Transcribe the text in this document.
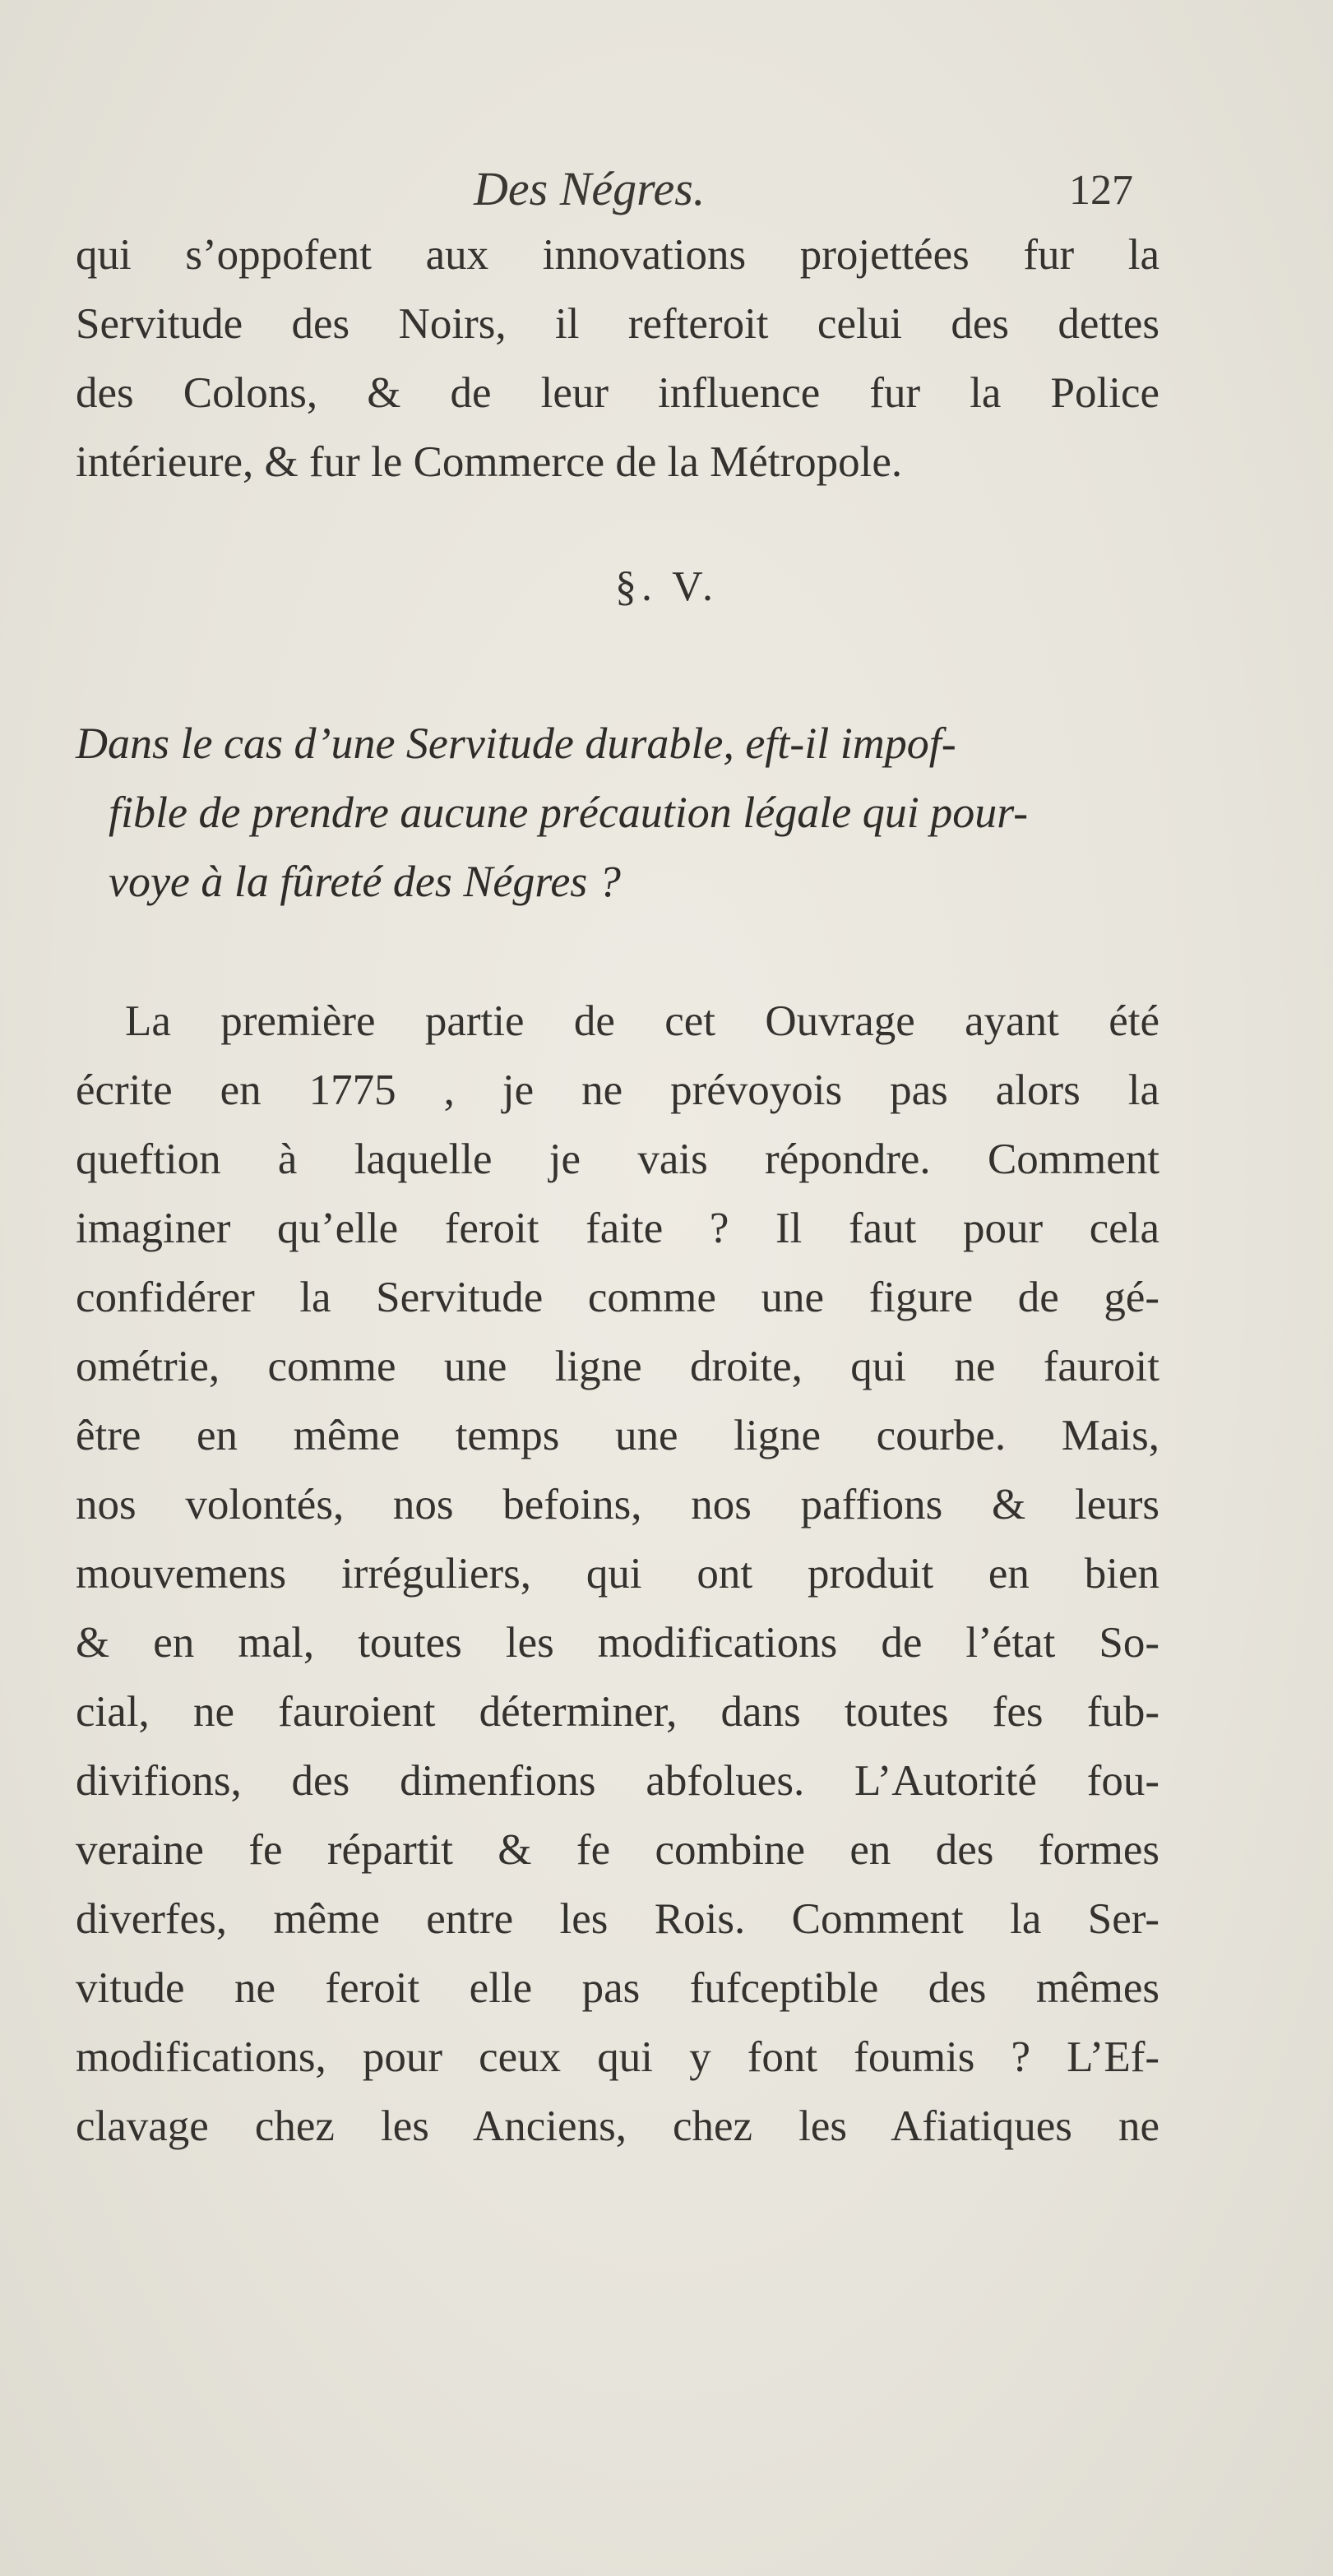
Des Négres.	127
qui s’oppofent aux innovations projettées fur la
Servitude des Noirs, il refteroit celui des dettes
des Colons, & de leur influence fur la Police
intérieure, & fur le Commerce de la Métropole.
§. V.
Dans le cas d’une Servitude durable, eft-il impof-
fible de prendre aucune précaution légale qui pour-
voye à la fûreté des Négres ?
La première partie de cet Ouvrage ayant été
écrite en 1775 , je ne prévoyois pas alors la
queftion à laquelle je vais répondre. Comment
imaginer qu’elle feroit faite ? Il faut pour cela
confidérer la Servitude comme une figure de gé-
ométrie, comme une ligne droite, qui ne fauroit
être en même temps une ligne courbe. Mais,
nos volontés, nos befoins, nos paffions & leurs
mouvemens irréguliers, qui ont produit en bien
& en mal, toutes les modifications de l’état So-
cial, ne fauroient déterminer, dans toutes fes fub-
divifions, des dimenfions abfolues. L’Autorité fou-
veraine fe répartit & fe combine en des formes
diverfes, même entre les Rois. Comment la Ser-
vitude ne feroit elle pas fufceptible des mêmes
modifications, pour ceux qui y font foumis ? L’Ef-
clavage chez les Anciens, chez les Afiatiques ne
